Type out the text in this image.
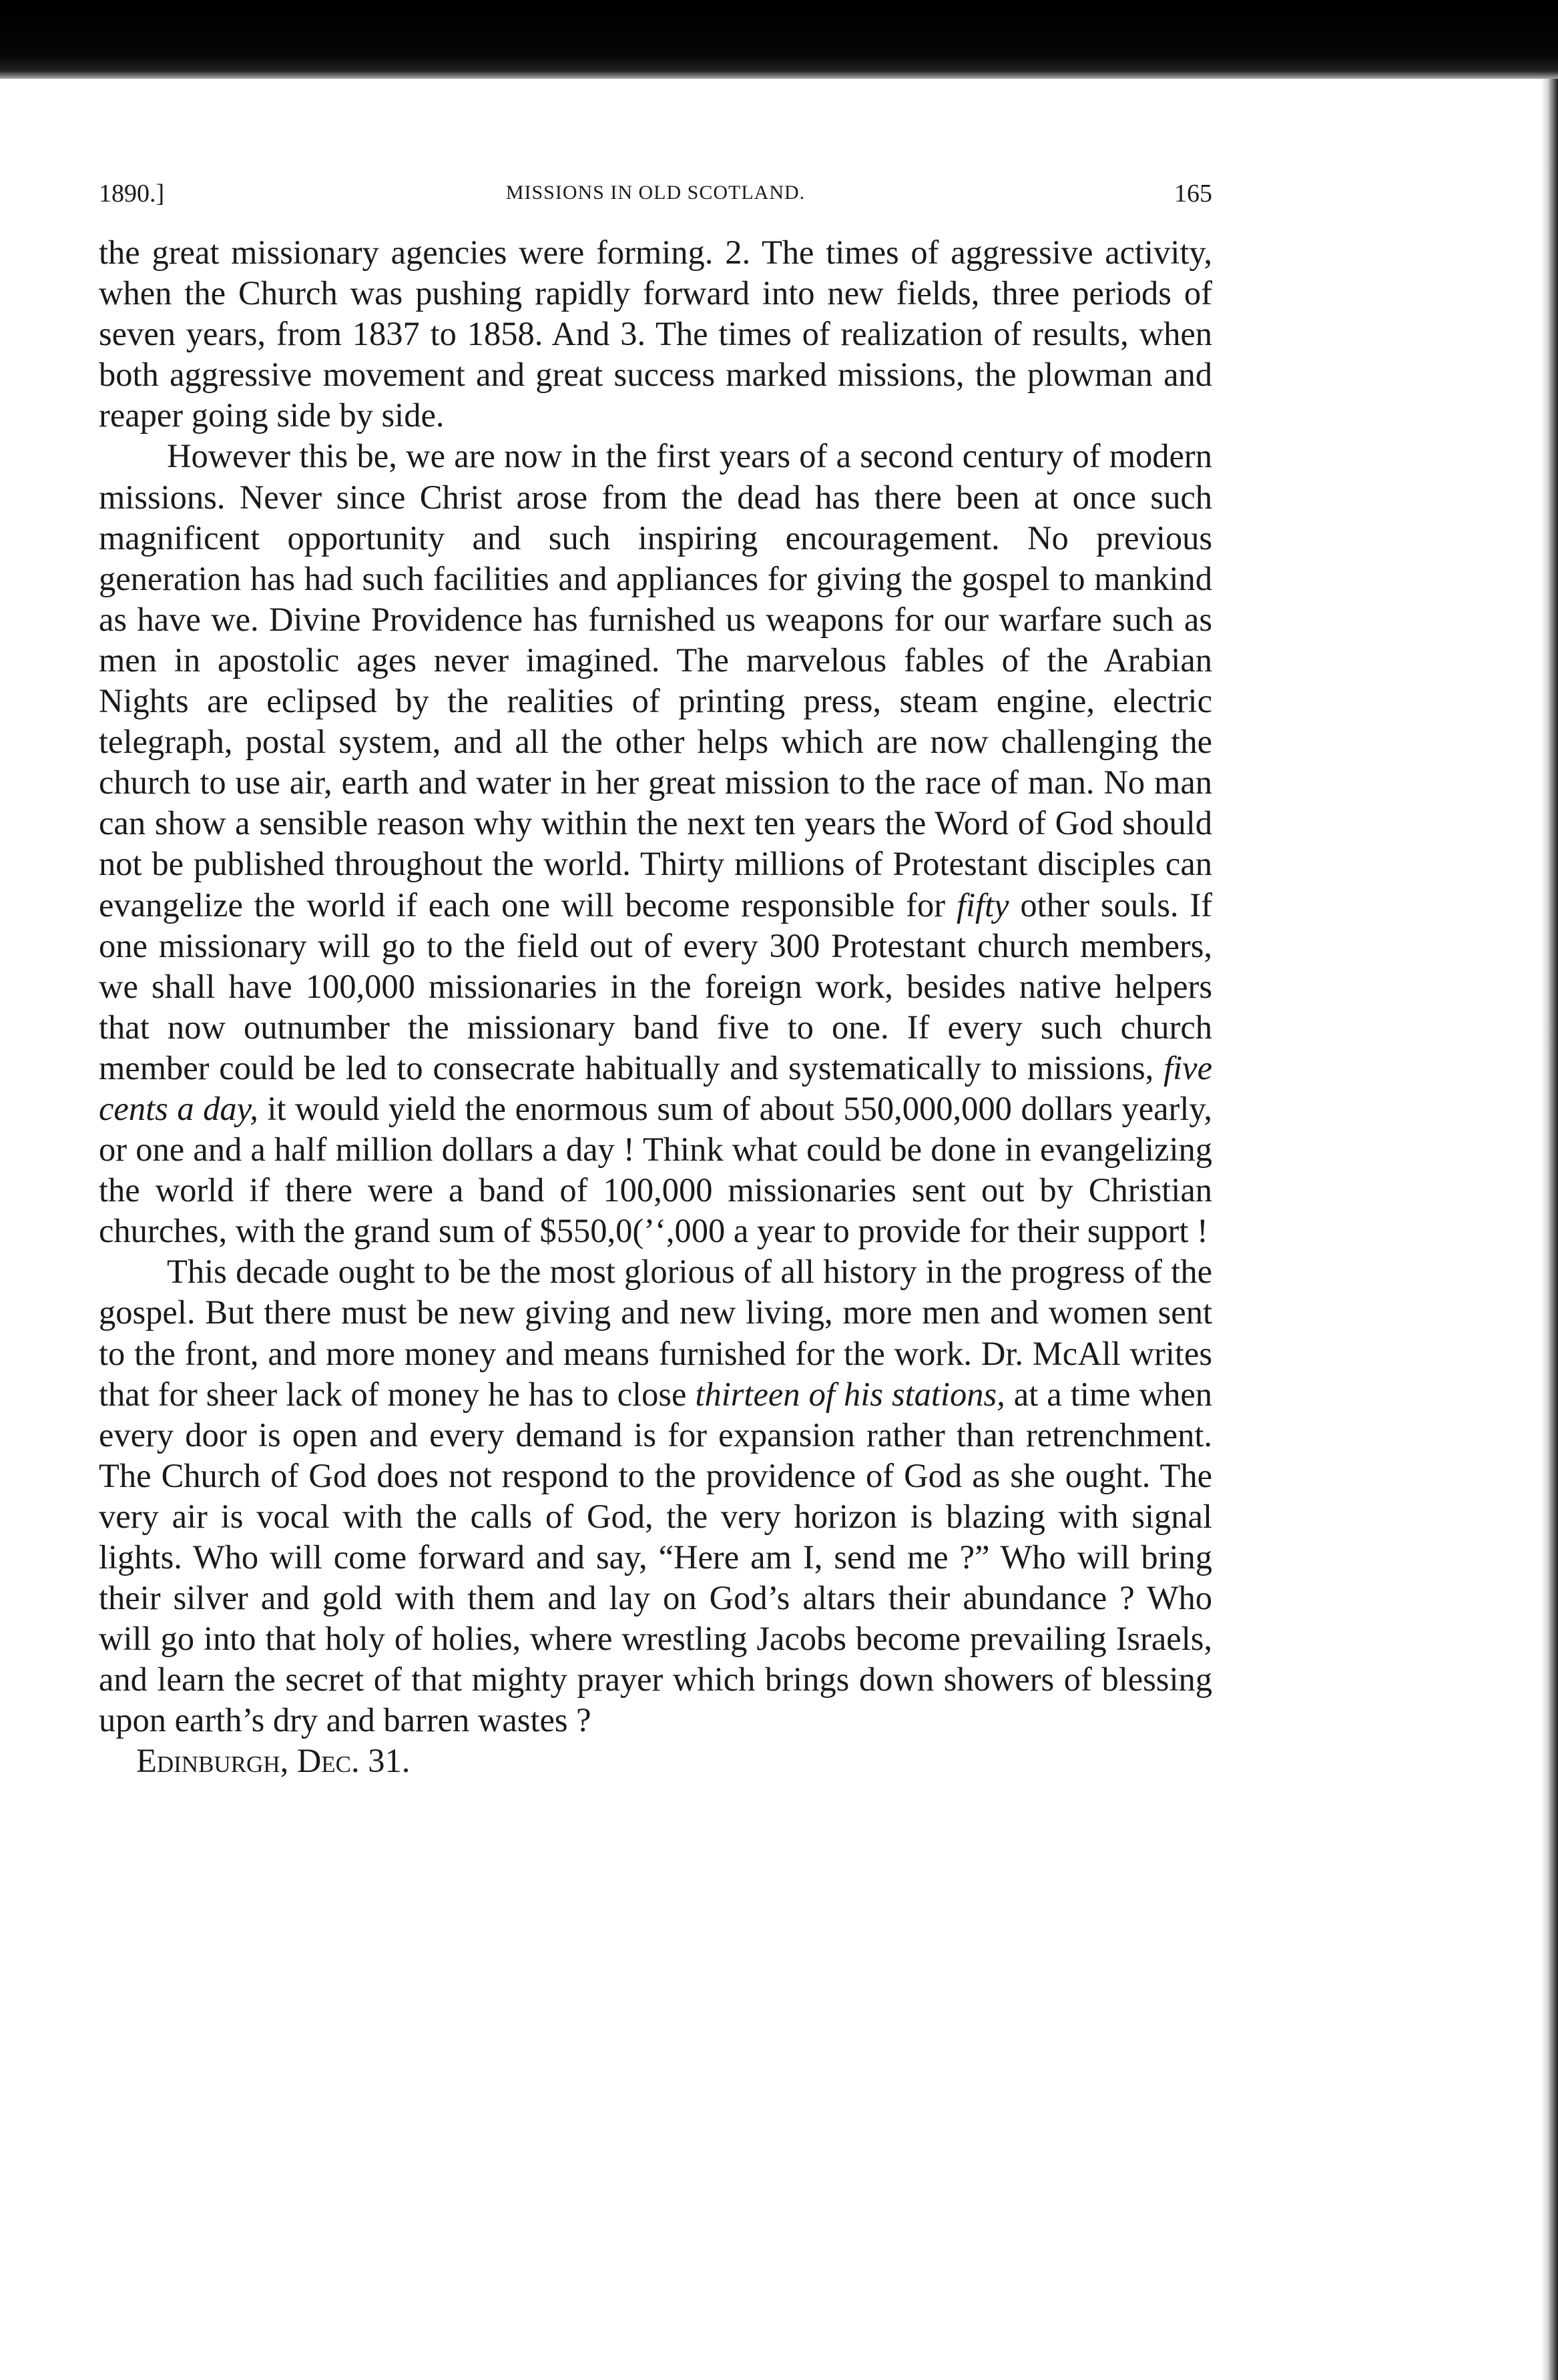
1890.]	MISSIONS IN OLD SCOTLAND.	165

the great missionary agencies were forming. 2. The times of aggressive activity, when the Church was pushing rapidly forward into new fields, three periods of seven years, from 1837 to 1858. And 3. The times of realization of results, when both aggressive movement and great success marked missions, the plowman and reaper going side by side.

However this be, we are now in the first years of a second century of modern missions. Never since Christ arose from the dead has there been at once such magnificent opportunity and such inspiring encouragement. No previous generation has had such facilities and appliances for giving the gospel to mankind as have we. Divine Providence has furnished us weapons for our warfare such as men in apostolic ages never imagined. The marvelous fables of the Arabian Nights are eclipsed by the realities of printing press, steam engine, electric telegraph, postal system, and all the other helps which are now challenging the church to use air, earth and water in her great mission to the race of man. No man can show a sensible reason why within the next ten years the Word of God should not be published throughout the world. Thirty millions of Protestant disciples can evangelize the world if each one will become responsible for fifty other souls. If one missionary will go to the field out of every 300 Protestant church members, we shall have 100,000 missionaries in the foreign work, besides native helpers that now outnumber the missionary band five to one. If every such church member could be led to consecrate habitually and systematically to missions, five cents a day, it would yield the enormous sum of about 550,000,000 dollars yearly, or one and a half million dollars a day ! Think what could be done in evangelizing the world if there were a band of 100,000 missionaries sent out by Christian churches, with the grand sum of $550,0(’ʻ,000 a year to provide for their support !

This decade ought to be the most glorious of all history in the progress of the gospel. But there must be new giving and new living, more men and women sent to the front, and more money and means furnished for the work. Dr. McAll writes that for sheer lack of money he has to close thirteen of his stations, at a time when every door is open and every demand is for expansion rather than retrenchment. The Church of God does not respond to the providence of God as she ought. The very air is vocal with the calls of God, the very horizon is blazing with signal lights. Who will come forward and say, “Here am I, send me ?” Who will bring their silver and gold with them and lay on God’s altars their abundance ? Who will go into that holy of holies, where wrestling Jacobs become prevailing Israels, and learn the secret of that mighty prayer which brings down showers of blessing upon earth’s dry and barren wastes ?

Edinburgh, Dec. 31.
